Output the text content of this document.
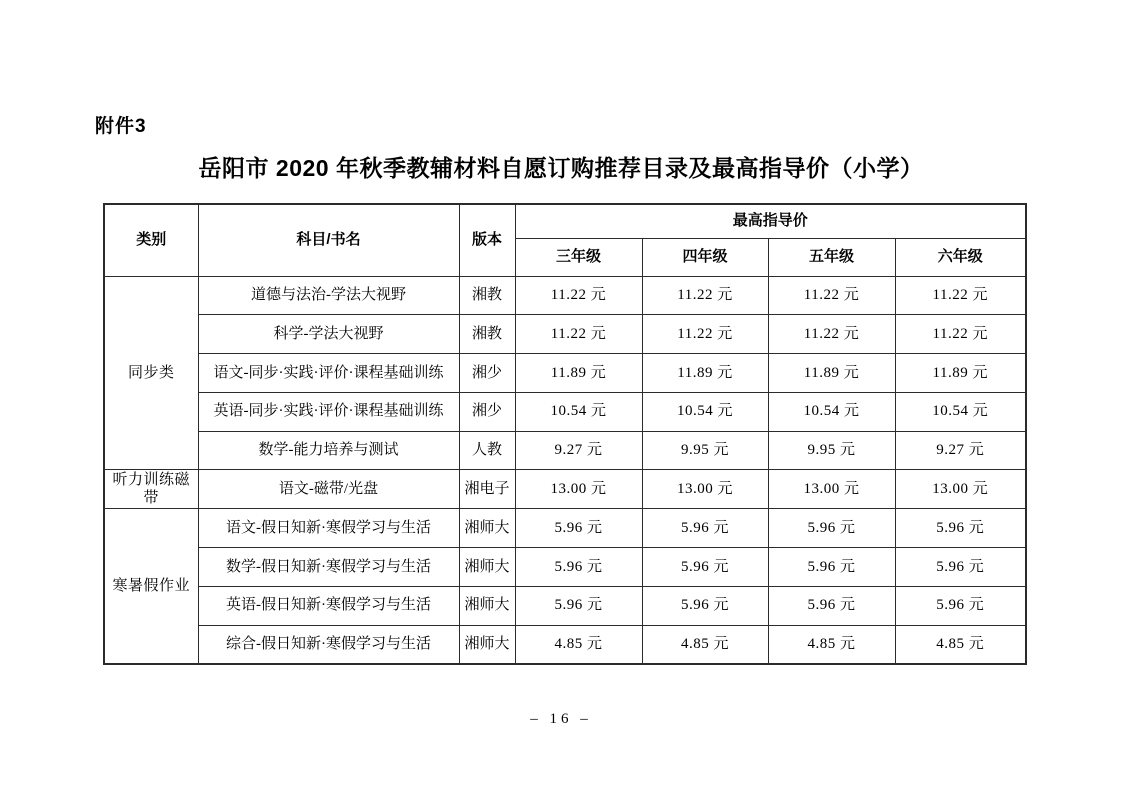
附件3
岳阳市 2020 年秋季教辅材料自愿订购推荐目录及最高指导价（小学）
类别	科目/书名	版本	最高指导价			
			三年级	四年级	五年级	六年级
同步类	道德与法治-学法大视野	湘教	11.22 元	11.22 元	11.22 元	11.22 元
	科学-学法大视野	湘教	11.22 元	11.22 元	11.22 元	11.22 元
	语文-同步·实践·评价·课程基础训练	湘少	11.89 元	11.89 元	11.89 元	11.89 元
	英语-同步·实践·评价·课程基础训练	湘少	10.54 元	10.54 元	10.54 元	10.54 元
	数学-能力培养与测试	人教	9.27 元	9.95 元	9.95 元	9.27 元
听力训练磁带	语文-磁带/光盘	湘电子	13.00 元	13.00 元	13.00 元	13.00 元
寒暑假作业	语文-假日知新·寒假学习与生活	湘师大	5.96 元	5.96 元	5.96 元	5.96 元
	数学-假日知新·寒假学习与生活	湘师大	5.96 元	5.96 元	5.96 元	5.96 元
	英语-假日知新·寒假学习与生活	湘师大	5.96 元	5.96 元	5.96 元	5.96 元
	综合-假日知新·寒假学习与生活	湘师大	4.85 元	4.85 元	4.85 元	4.85 元
– 16 –
